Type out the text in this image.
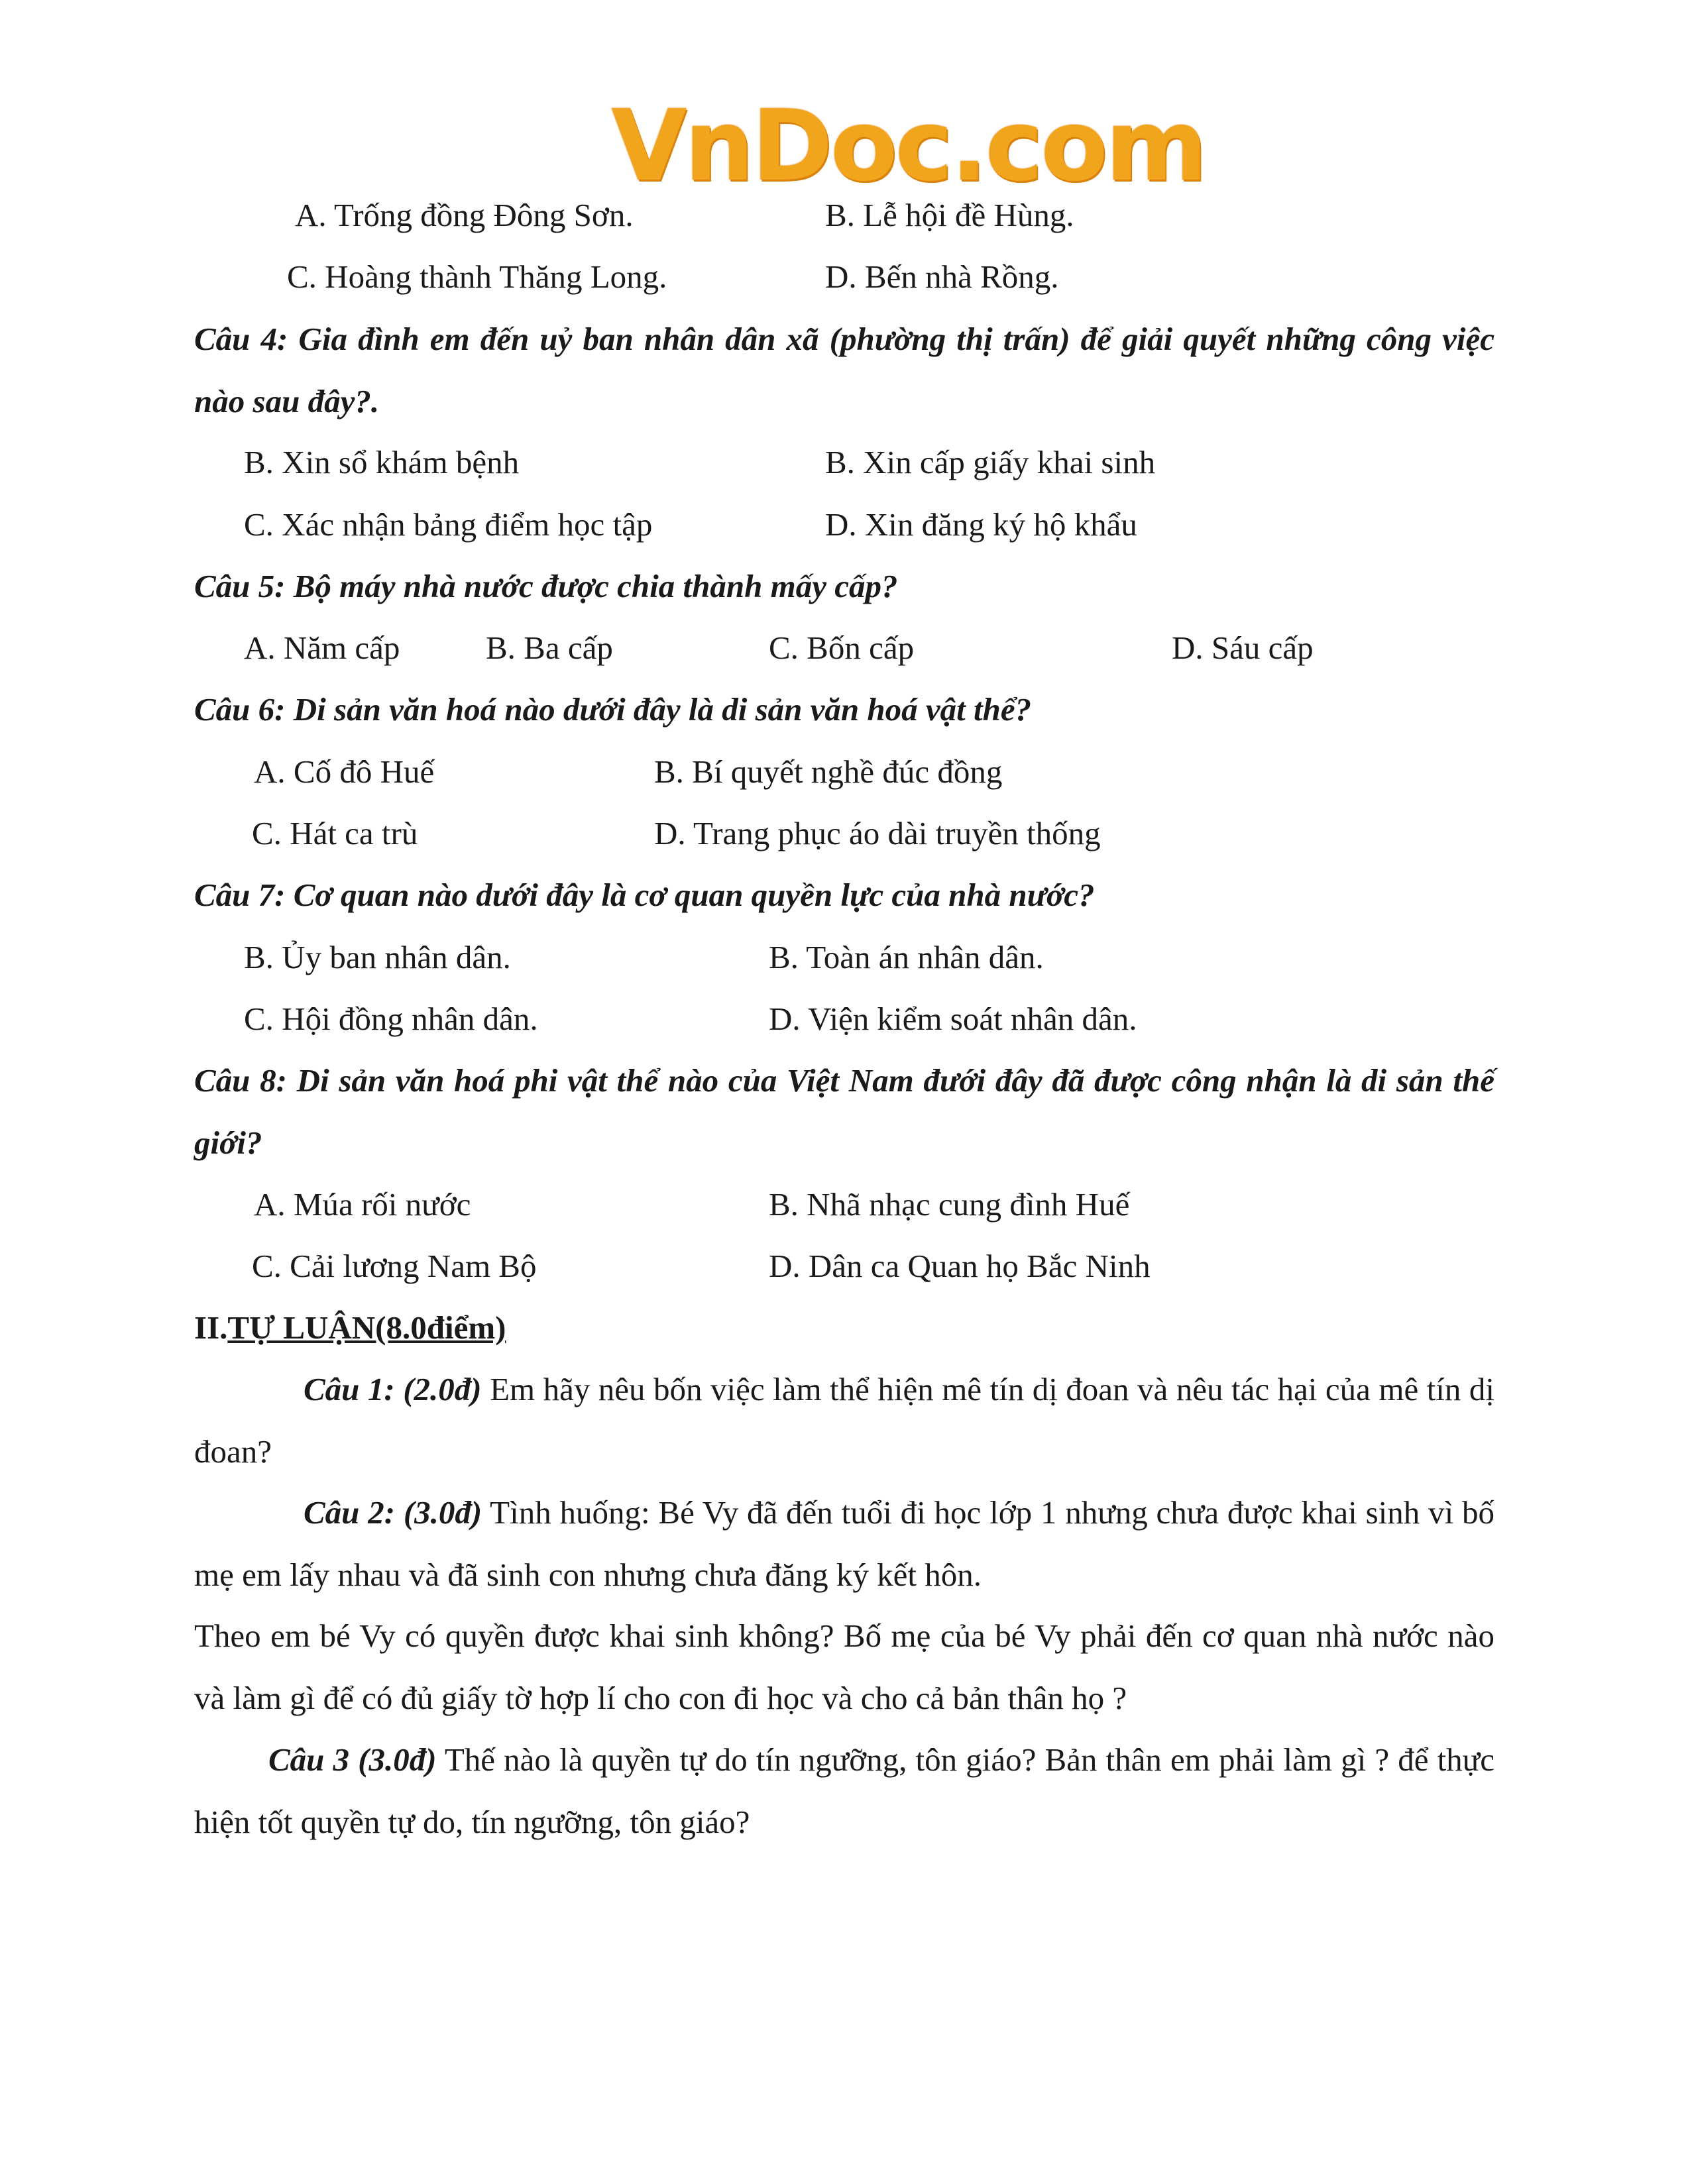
VnDoc.com
A. Trống đồng Đông Sơn.	B. Lễ hội đề Hùng.
C. Hoàng thành Thăng Long.	D. Bến nhà Rồng.
Câu 4: Gia đình em đến uỷ ban nhân dân xã (phường thị trấn) để giải quyết những công việc nào sau đây?.
B. Xin sổ khám bệnh	B. Xin cấp giấy khai sinh
C. Xác nhận bảng điểm học tập	D. Xin đăng ký hộ khẩu
Câu 5: Bộ máy nhà nước được chia thành mấy cấp?
A. Năm cấp	B. Ba cấp	C. Bốn cấp	D. Sáu cấp
Câu 6: Di sản văn hoá nào dưới đây là di sản văn hoá vật thể?
A. Cố đô Huế	B. Bí quyết nghề đúc đồng
C. Hát ca trù	D. Trang phục áo dài truyền thống
Câu 7: Cơ quan nào dưới đây là cơ quan quyền lực của nhà nước?
B. Ủy ban nhân dân.	B. Toàn án nhân dân.
C. Hội đồng nhân dân.	D. Viện kiểm soát nhân dân.
Câu 8: Di sản văn hoá phi vật thể nào của Việt Nam đưới đây đã được công nhận là di sản thế giới?
A. Múa rối nước	B. Nhã nhạc cung đình Huế
C. Cải lương Nam Bộ	D. Dân ca Quan họ Bắc Ninh
II.TỰ LUẬN(8.0điểm)
Câu 1: (2.0đ) Em hãy nêu bốn việc làm thể hiện mê tín dị đoan và nêu tác hại của mê tín dị đoan?
Câu 2: (3.0đ) Tình huống: Bé Vy đã đến tuổi đi học lớp 1 nhưng chưa được khai sinh vì bố mẹ em lấy nhau và đã sinh con nhưng chưa đăng ký kết hôn.
Theo em bé Vy có quyền được khai sinh không? Bố mẹ của bé Vy phải đến cơ quan nhà nước nào và làm gì để có đủ giấy tờ hợp lí cho con đi học và cho cả bản thân họ ?
Câu 3 (3.0đ) Thế nào là quyền tự do tín ngưỡng, tôn giáo? Bản thân em phải làm gì ? để thực hiện tốt quyền tự do, tín ngưỡng, tôn giáo?
